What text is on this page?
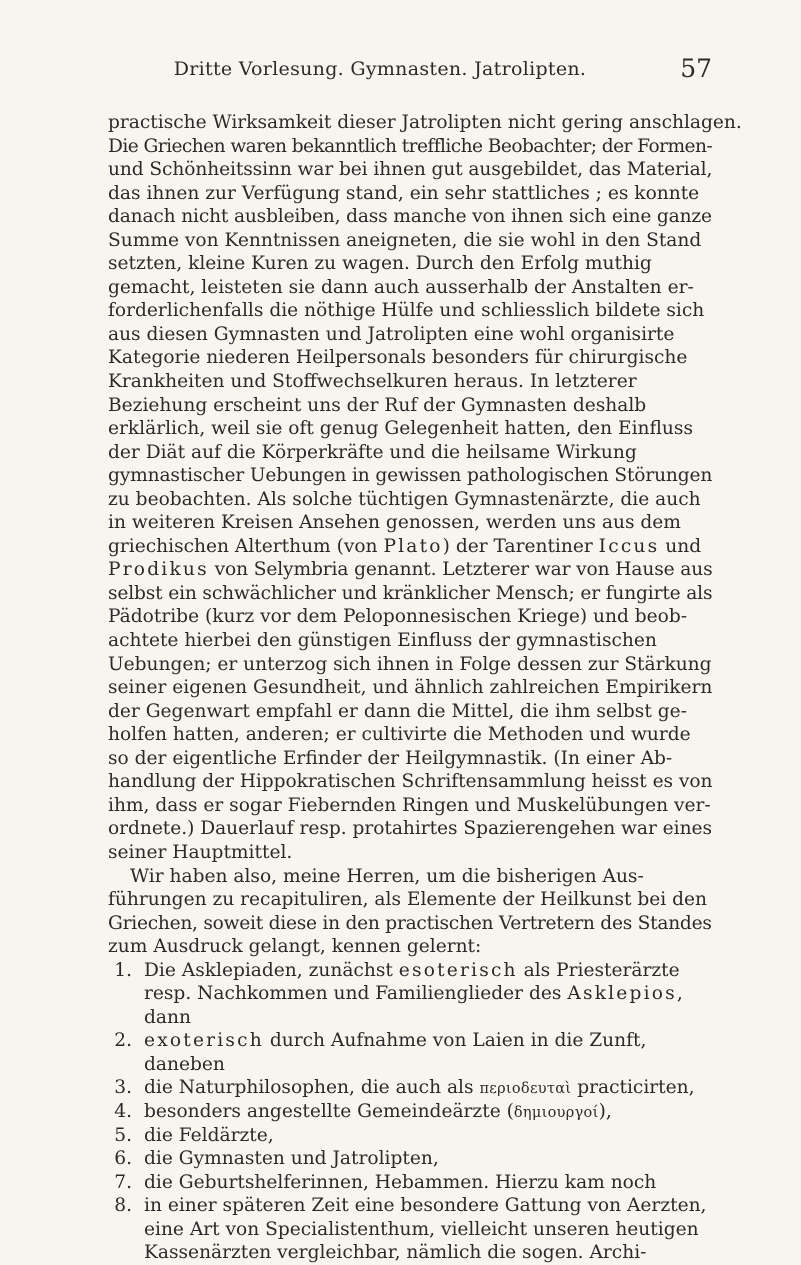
Dritte Vorlesung. Gymnasten. Jatrolipten.	57
practische Wirksamkeit dieser Jatrolipten nicht gering anschlagen.
Die Griechen waren bekanntlich treffliche Beobachter; der Formen-
und Schönheitssinn war bei ihnen gut ausgebildet, das Material,
das ihnen zur Verfügung stand, ein sehr stattliches ; es konnte
danach nicht ausbleiben, dass manche von ihnen sich eine ganze
Summe von Kenntnissen aneigneten, die sie wohl in den Stand
setzten, kleine Kuren zu wagen. Durch den Erfolg muthig
gemacht, leisteten sie dann auch ausserhalb der Anstalten er-
forderlichenfalls die nöthige Hülfe und schliesslich bildete sich
aus diesen Gymnasten und Jatrolipten eine wohl organisirte
Kategorie niederen Heilpersonals besonders für chirurgische
Krankheiten und Stoffwechselkuren heraus. In letzterer
Beziehung erscheint uns der Ruf der Gymnasten deshalb
erklärlich, weil sie oft genug Gelegenheit hatten, den Einfluss
der Diät auf die Körperkräfte und die heilsame Wirkung
gymnastischer Uebungen in gewissen pathologischen Störungen
zu beobachten. Als solche tüchtigen Gymnastenärzte, die auch
in weiteren Kreisen Ansehen genossen, werden uns aus dem
griechischen Alterthum (von Plato) der Tarentiner Iccus und
Prodikus von Selymbria genannt. Letzterer war von Hause aus
selbst ein schwächlicher und kränklicher Mensch; er fungirte als
Pädotribe (kurz vor dem Peloponnesischen Kriege) und beob-
achtete hierbei den günstigen Einfluss der gymnastischen
Uebungen; er unterzog sich ihnen in Folge dessen zur Stärkung
seiner eigenen Gesundheit, und ähnlich zahlreichen Empirikern
der Gegenwart empfahl er dann die Mittel, die ihm selbst ge-
holfen hatten, anderen; er cultivirte die Methoden und wurde
so der eigentliche Erfinder der Heilgymnastik. (In einer Ab-
handlung der Hippokratischen Schriftensammlung heisst es von
ihm, dass er sogar Fiebernden Ringen und Muskelübungen ver-
ordnete.) Dauerlauf resp. protahirtes Spazierengehen war eines
seiner Hauptmittel.
Wir haben also, meine Herren, um die bisherigen Aus-
führungen zu recapituliren, als Elemente der Heilkunst bei den
Griechen, soweit diese in den practischen Vertretern des Standes
zum Ausdruck gelangt, kennen gelernt:
1. Die Asklepiaden, zunächst esoterisch als Priesterärzte
resp. Nachkommen und Familienglieder des Asklepios,
dann
2. exoterisch durch Aufnahme von Laien in die Zunft,
daneben
3. die Naturphilosophen, die auch als περιοδευταὶ practicirten,
4. besonders angestellte Gemeindeärzte (δημιουργοί),
5. die Feldärzte,
6. die Gymnasten und Jatrolipten,
7. die Geburtshelferinnen, Hebammen. Hierzu kam noch
8. in einer späteren Zeit eine besondere Gattung von Aerzten,
eine Art von Specialistenthum, vielleicht unseren heutigen
Kassenärzten vergleichbar, nämlich die sogen. Archi-
